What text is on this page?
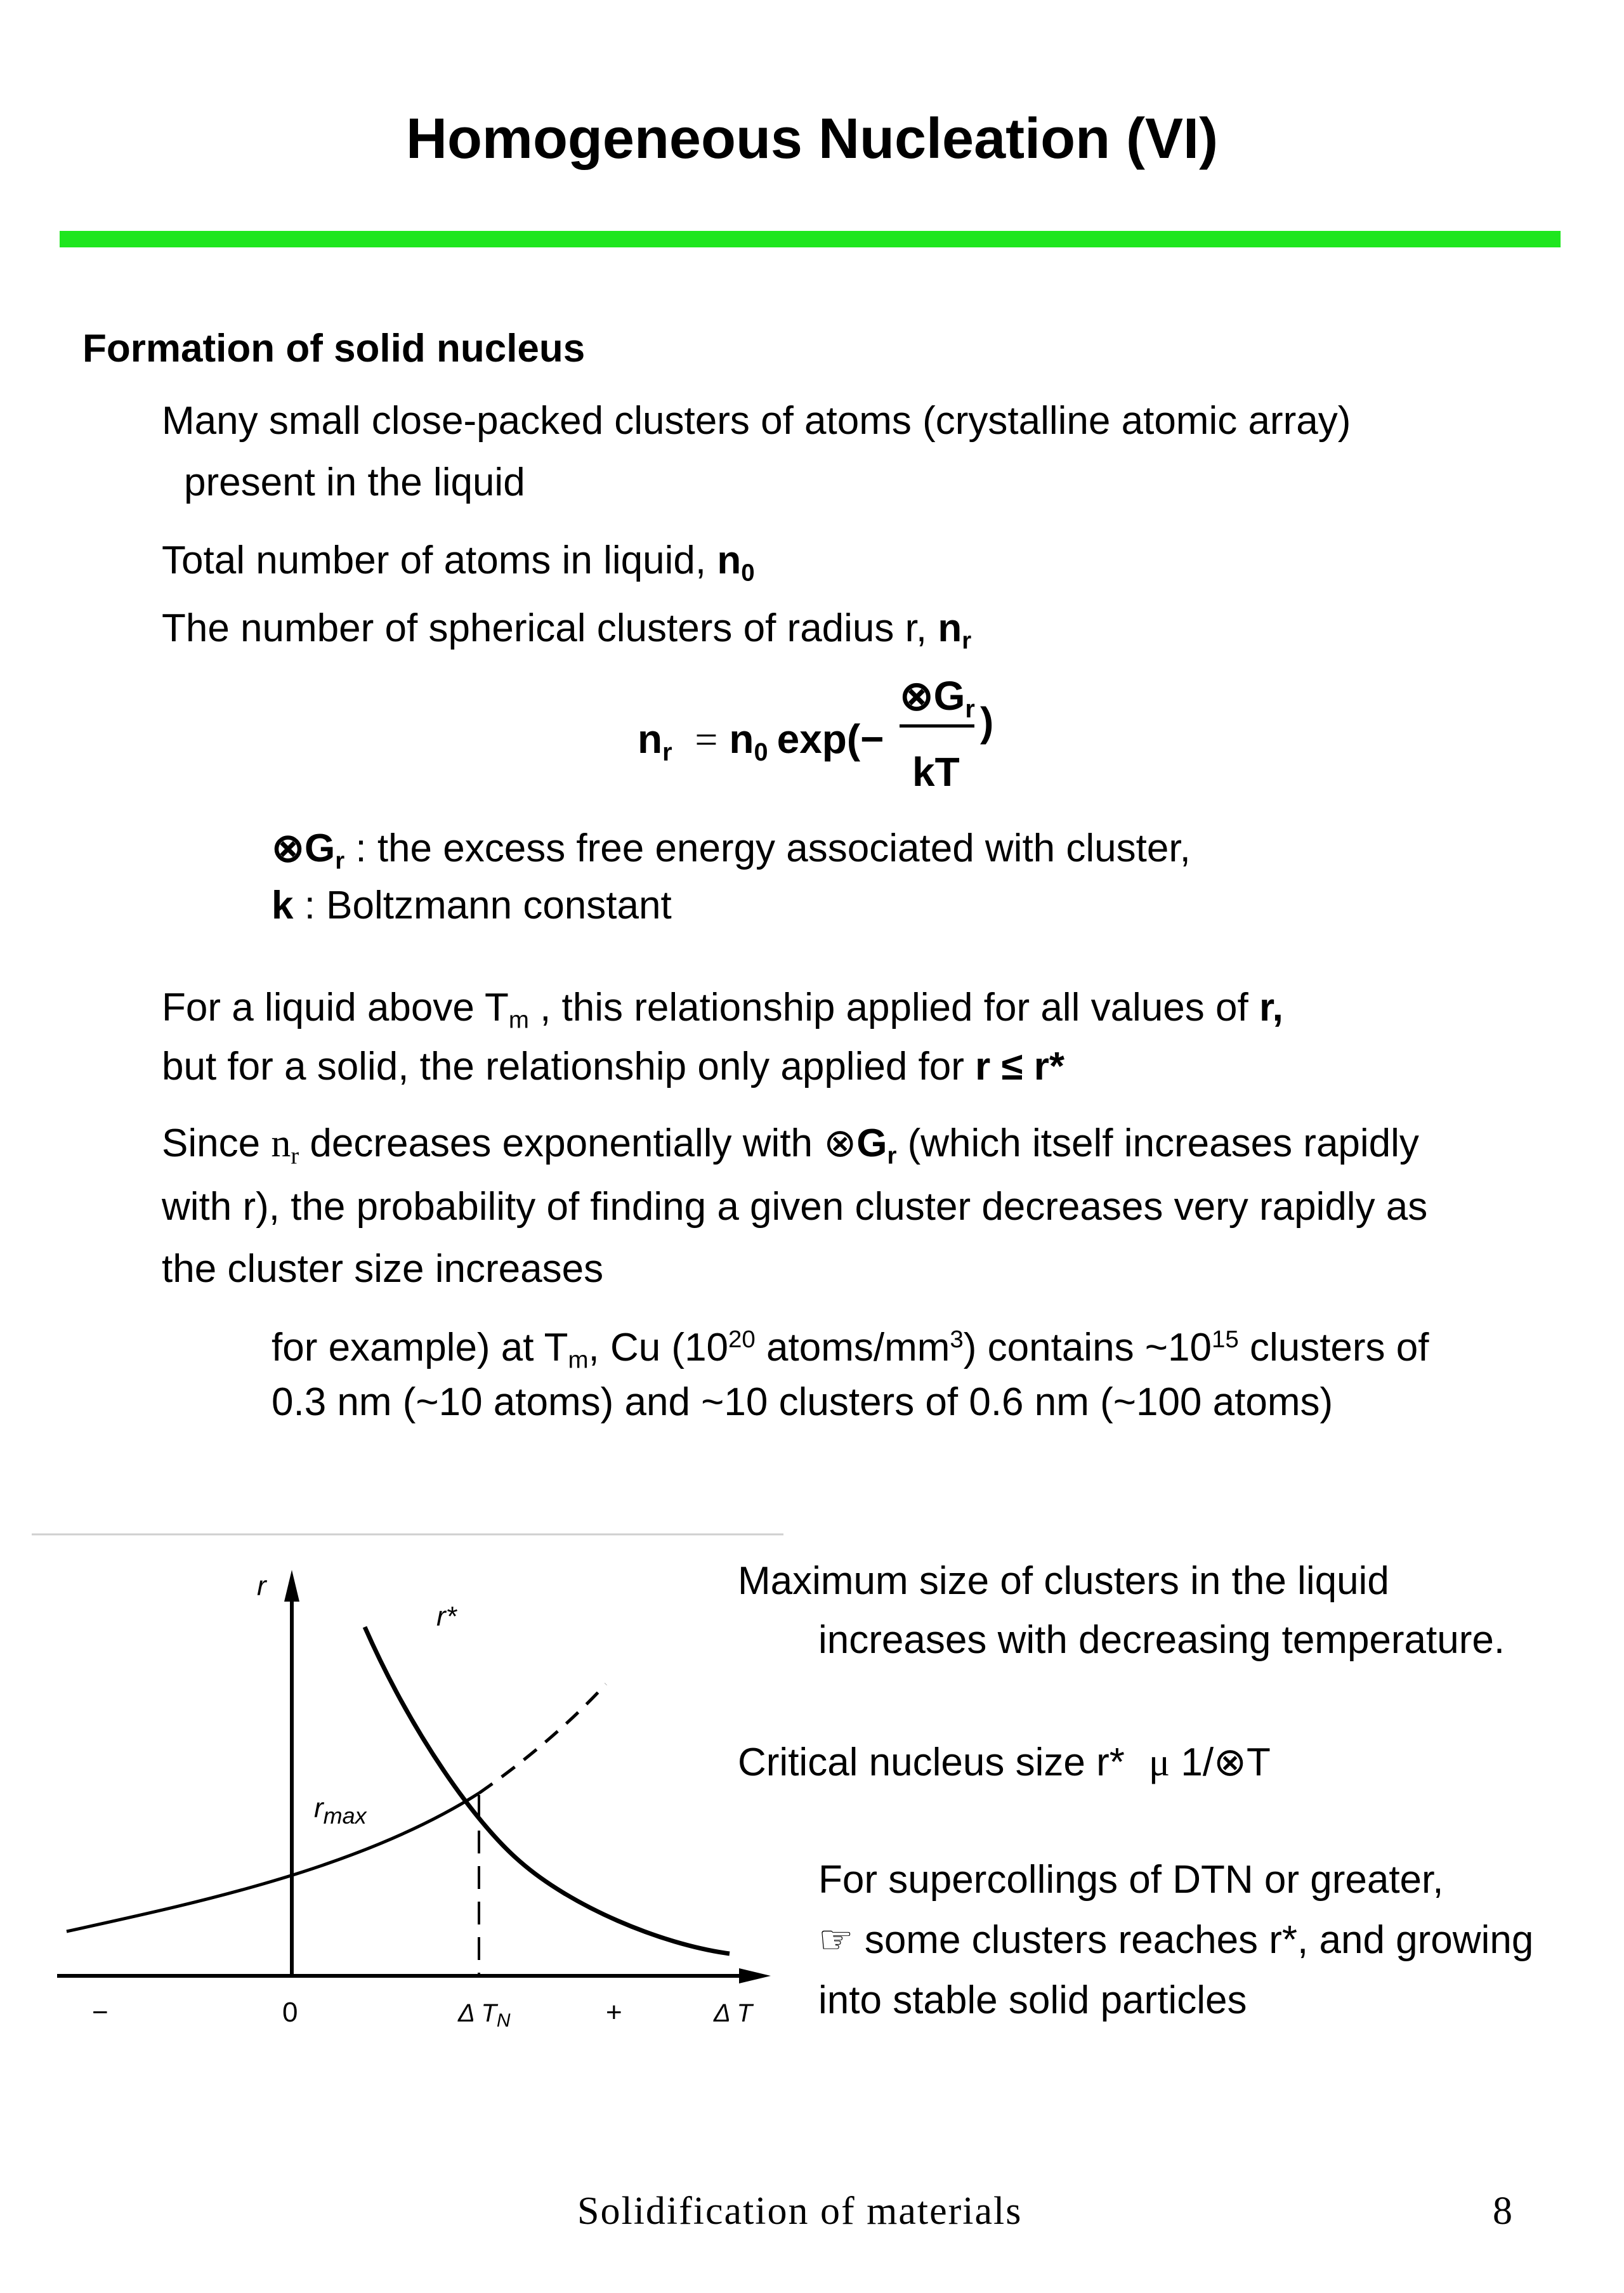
Homogeneous Nucleation (VI)
Formation of solid nucleus
Many small close-packed clusters of atoms (crystalline atomic array)
present in the liquid
Total number of atoms in liquid, $n_0$
The number of spherical clusters of radius r, $n_r$
$n_r = n_0$ exp(−
$\otimes G_r$ )
kT
$\otimes G_r$ : the excess free energy associated with cluster,
k : Boltzmann constant
For a liquid above $T_m$ , this relationship applied for all values of r,
but for a solid, the relationship only applied for r ≤ r*
Since $n_r$ decreases exponentially with $\otimes G_r$ (which itself increases rapidly
with r), the probability of finding a given cluster decreases very rapidly as
the cluster size increases
for example) at $T_m$, Cu ($10^{20}$ atoms/$mm^3$) contains $\sim 10^{15}$ clusters of
0.3 nm (~10 atoms) and ~10 clusters of 0.6 nm (~100 atoms)
r
r*
$r_{max}$
−	0	Δ $T_N$	+	Δ T
Maximum size of clusters in the liquid
increases with decreasing temperature.
Critical nucleus size r* μ 1/⊗T
For supercollings of DTN or greater,
☞ some clusters reaches r*, and growing
into stable solid particles
Solidification of materials	8
